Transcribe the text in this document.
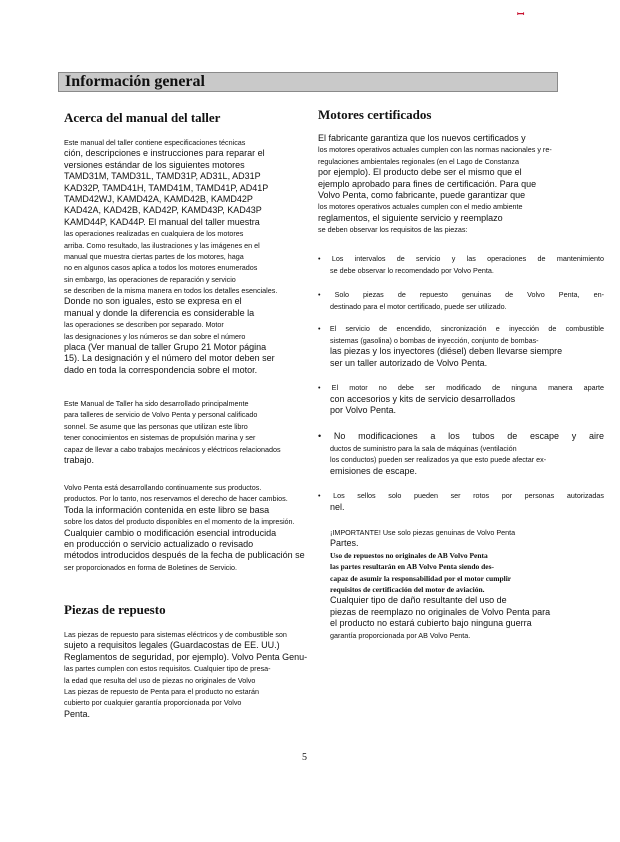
ꟷ
Información general
Acerca del manual del taller
Este manual del taller contiene especificaciones técnicas
ción, descripciones e instrucciones para reparar el
versiones estándar de los siguientes motores
TAMD31M, TAMD31L, TAMD31P, AD31L, AD31P
KAD32P, TAMD41H, TAMD41M, TAMD41P, AD41P
TAMD42WJ, KAMD42A, KAMD42B, KAMD42P
KAD42A, KAD42B, KAD42P, KAMD43P, KAD43P
KAMD44P, KAD44P. El manual del taller muestra
las operaciones realizadas en cualquiera de los motores
arriba. Como resultado, las ilustraciones y las imágenes en el
manual que muestra ciertas partes de los motores, haga
no en algunos casos aplica a todos los motores enumerados
sin embargo, las operaciones de reparación y servicio
se describen de la misma manera en todos los detalles esenciales.
Donde no son iguales, esto se expresa en el
manual y donde la diferencia es considerable la
las operaciones se describen por separado. Motor
las designaciones y los números se dan sobre el número
placa (Ver manual de taller Grupo 21 Motor página
15). La designación y el número del motor deben ser
dado en toda la correspondencia sobre el motor.
Este Manual de Taller ha sido desarrollado principalmente
para talleres de servicio de Volvo Penta y personal calificado
sonnel. Se asume que las personas que utilizan este libro
tener conocimientos en sistemas de propulsión marina y ser
capaz de llevar a cabo trabajos mecánicos y eléctricos relacionados
trabajo.
Volvo Penta está desarrollando continuamente sus productos.
productos. Por lo tanto, nos reservamos el derecho de hacer cambios.
Toda la información contenida en este libro se basa
sobre los datos del producto disponibles en el momento de la impresión.
Cualquier cambio o modificación esencial introducida
en producción o servicio actualizado o revisado
métodos introducidos después de la fecha de publicación se
ser proporcionados en forma de Boletines de Servicio.
Piezas de repuesto
Las piezas de repuesto para sistemas eléctricos y de combustible son
sujeto a requisitos legales (Guardacostas de EE. UU.)
Reglamentos de seguridad, por ejemplo). Volvo Penta Genu-
las partes cumplen con estos requisitos. Cualquier tipo de presa-
la edad que resulta del uso de piezas no originales de Volvo
Las piezas de repuesto de Penta para el producto no estarán
cubierto por cualquier garantía proporcionada por Volvo
Penta.
Motores certificados
El fabricante garantiza que los nuevos certificados y
los motores operativos actuales cumplen con las normas nacionales y re-
regulaciones ambientales regionales (en el Lago de Constanza
por ejemplo). El producto debe ser el mismo que el
ejemplo aprobado para fines de certificación. Para que
Volvo Penta, como fabricante, puede garantizar que
los motores operativos actuales cumplen con el medio ambiente
reglamentos, el siguiente servicio y reemplazo
se deben observar los requisitos de las piezas:
• Los intervalos de servicio y las operaciones de mantenimiento
se debe observar lo recomendado por Volvo Penta.
• Solo piezas de repuesto genuinas de Volvo Penta, en-
destinado para el motor certificado, puede ser utilizado.
• El servicio de encendido, sincronización e inyección de combustible
sistemas (gasolina) o bombas de inyección, conjunto de bombas-
las piezas y los inyectores (diésel) deben llevarse siempre
ser un taller autorizado de Volvo Penta.
• El motor no debe ser modificado de ninguna manera aparte
con accesorios y kits de servicio desarrollados
por Volvo Penta.
• No modificaciones a los tubos de escape y aire
ductos de suministro para la sala de máquinas (ventilación
los conductos) pueden ser realizados ya que esto puede afectar ex-
emisiones de escape.
• Los sellos solo pueden ser rotos por personas autorizadas
nel.
¡IMPORTANTE! Use solo piezas genuinas de Volvo Penta
Partes.
Uso de repuestos no originales de AB Volvo Penta
las partes resultarán en AB Volvo Penta siendo des-
capaz de asumir la responsabilidad por el motor cumplir
requisitos de certificación del motor de aviación.
Cualquier tipo de daño resultante del uso de
piezas de reemplazo no originales de Volvo Penta para
el producto no estará cubierto bajo ninguna guerra
garantía proporcionada por AB Volvo Penta.
5
